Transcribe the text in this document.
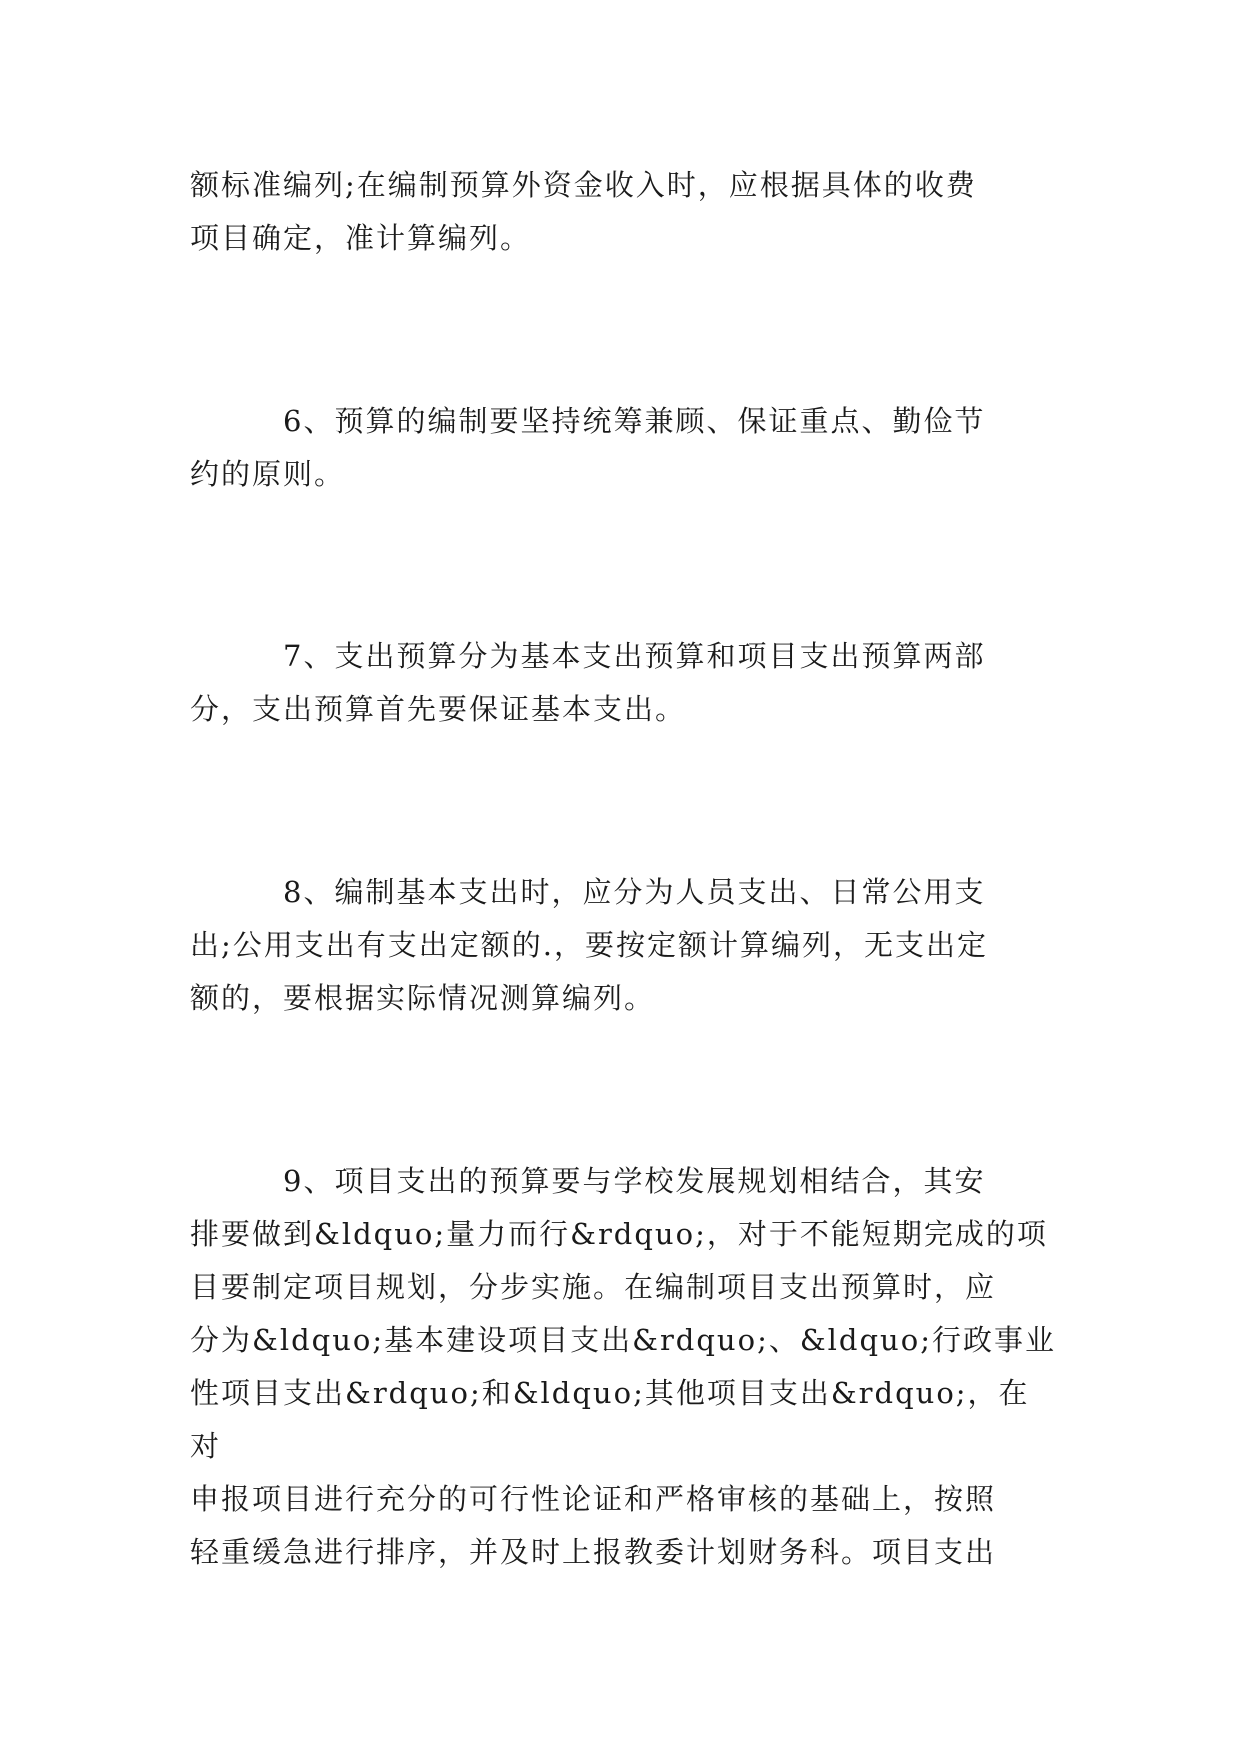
额标准编列;在编制预算外资金收入时，应根据具体的收费
项目确定，准计算编列。
　　　6、预算的编制要坚持统筹兼顾、保证重点、勤俭节
约的原则。
　　　7、支出预算分为基本支出预算和项目支出预算两部
分，支出预算首先要保证基本支出。
　　　8、编制基本支出时，应分为人员支出、日常公用支
出;公用支出有支出定额的.，要按定额计算编列，无支出定
额的，要根据实际情况测算编列。
　　　9、项目支出的预算要与学校发展规划相结合，其安
排要做到&ldquo;量力而行&rdquo;，对于不能短期完成的项
目要制定项目规划，分步实施。在编制项目支出预算时，应
分为&ldquo;基本建设项目支出&rdquo;、&ldquo;行政事业
性项目支出&rdquo;和&ldquo;其他项目支出&rdquo;，在对
申报项目进行充分的可行性论证和严格审核的基础上，按照
轻重缓急进行排序，并及时上报教委计划财务科。项目支出
